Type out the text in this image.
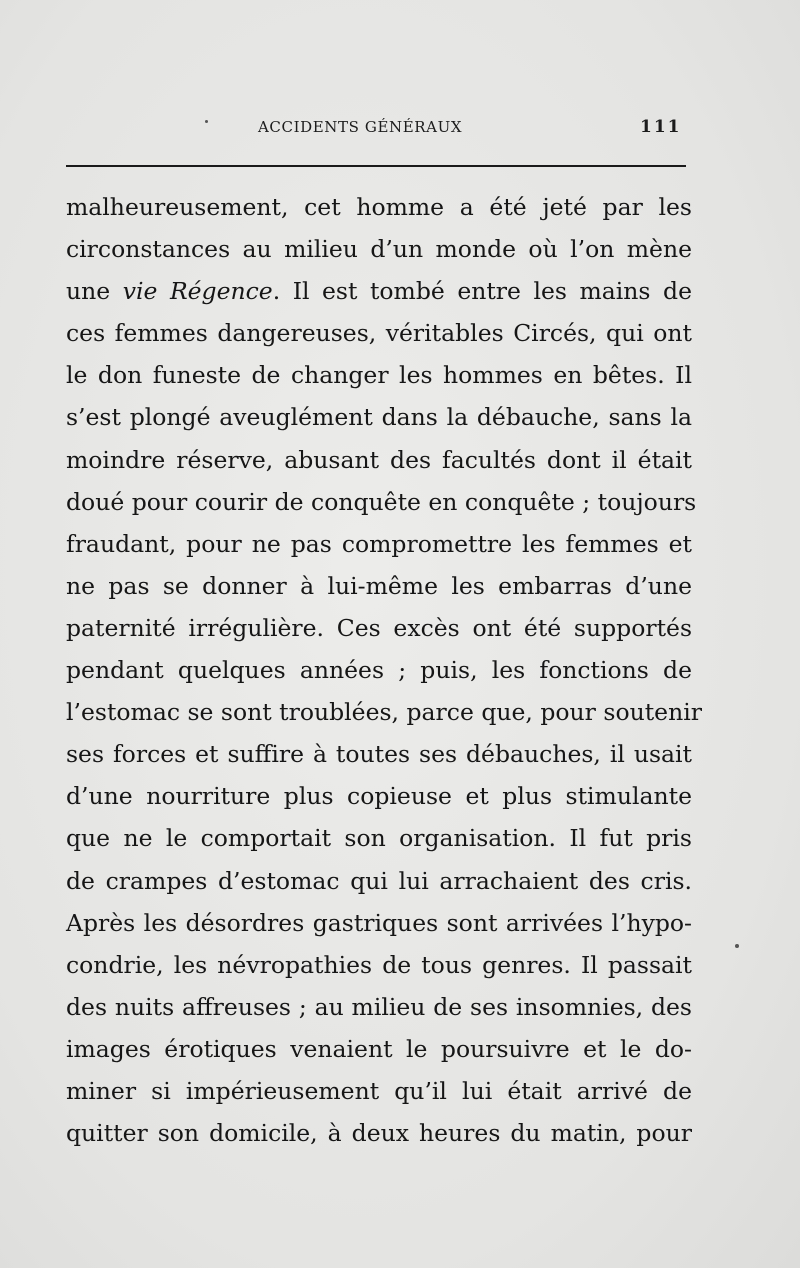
ACCIDENTS GÉNÉRAUX	111
malheureusement, cet homme a été jeté par les
circonstances au milieu d’un monde où l’on mène
une vie Régence. Il est tombé entre les mains de
ces femmes dangereuses, véritables Circés, qui ont
le don funeste de changer les hommes en bêtes. Il
s’est plongé aveuglément dans la débauche, sans la
moindre réserve, abusant des facultés dont il était
doué pour courir de conquête en conquête ; toujours
fraudant, pour ne pas compromettre les femmes et
ne pas se donner à lui-même les embarras d’une
paternité irrégulière. Ces excès ont été supportés
pendant quelques années ; puis, les fonctions de
l’estomac se sont troublées, parce que, pour soutenir
ses forces et suffire à toutes ses débauches, il usait
d’une nourriture plus copieuse et plus stimulante
que ne le comportait son organisation. Il fut pris
de crampes d’estomac qui lui arrachaient des cris.
Après les désordres gastriques sont arrivées l’hypo-
condrie, les névropathies de tous genres. Il passait
des nuits affreuses ; au milieu de ses insomnies, des
images érotiques venaient le poursuivre et le do-
miner si impérieusement qu’il lui était arrivé de
quitter son domicile, à deux heures du matin, pour
